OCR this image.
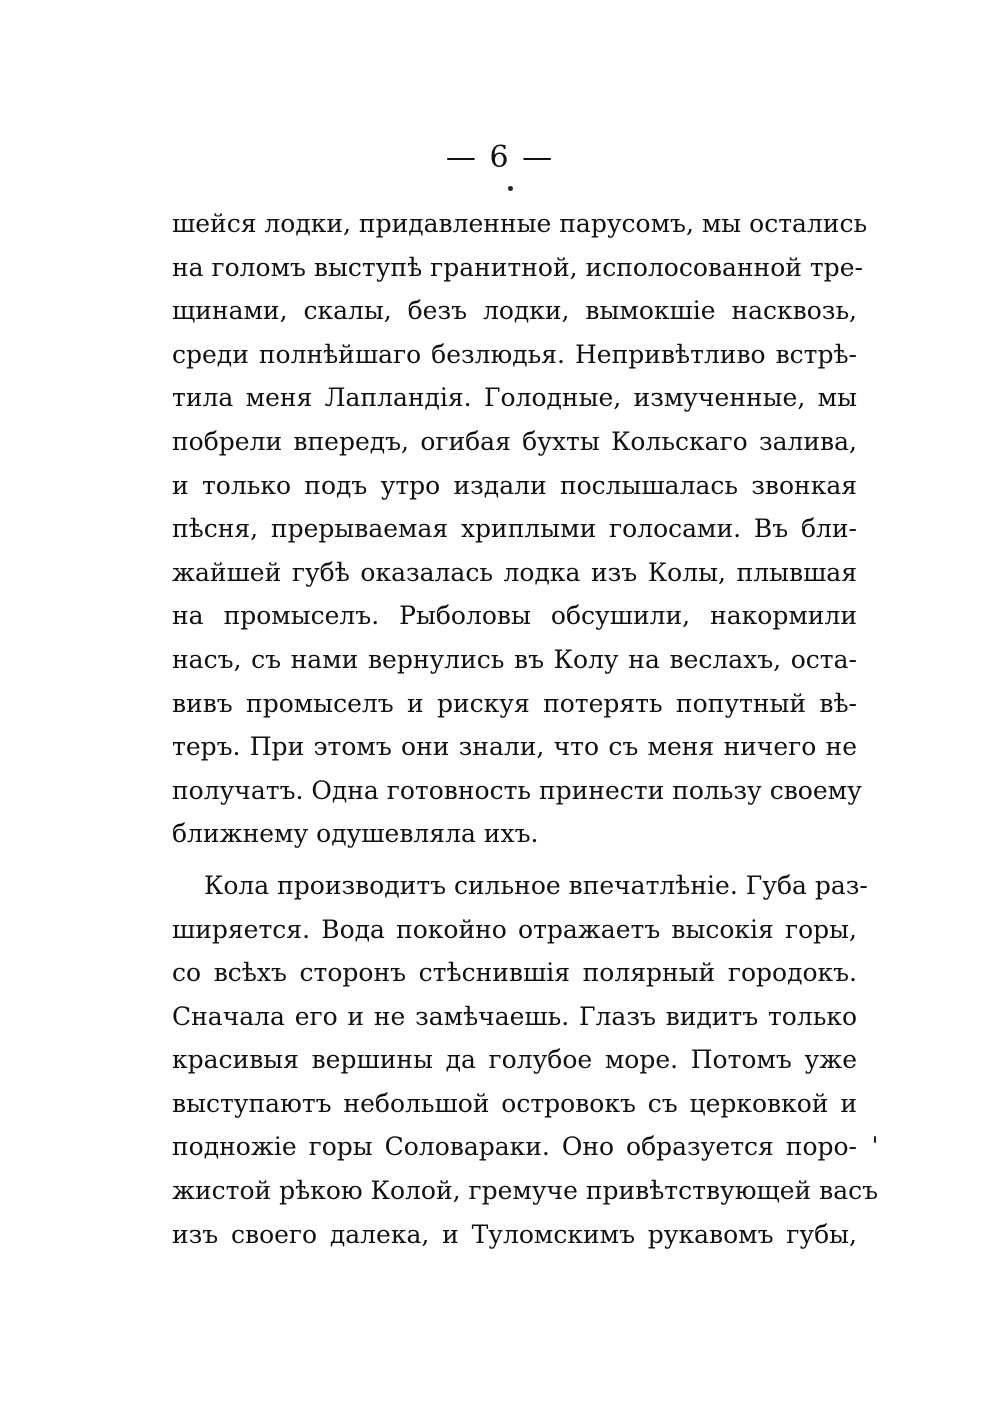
— 6 —
шейся лодки, придавленные парусомъ, мы остались
на голомъ выступѣ гранитной, исполосованной тре-
щинами, скалы, безъ лодки, вымокшіе насквозь,
среди полнѣйшаго безлюдья. Непривѣтливо встрѣ-
тила меня Лапландія. Голодные, измученные, мы
побрели впередъ, огибая бухты Кольскаго залива,
и только подъ утро издали послышалась звонкая
пѣсня, прерываемая хриплыми голосами. Въ бли-
жайшей губѣ оказалась лодка изъ Колы, плывшая
на промыселъ. Рыболовы обсушили, накормили
насъ, съ нами вернулись въ Колу на веслахъ, оста-
вивъ промыселъ и рискуя потерять попутный вѣ-
теръ. При этомъ они знали, что съ меня ничего не
получатъ. Одна готовность принести пользу своему
ближнему одушевляла ихъ.
Кола производитъ сильное впечатлѣніе. Губа раз-
ширяется. Вода покойно отражаетъ высокія горы,
со всѣхъ сторонъ стѣснившія полярный городокъ.
Сначала его и не замѣчаешь. Глазъ видитъ только
красивыя вершины да голубое море. Потомъ уже
выступаютъ небольшой островокъ съ церковкой и
подножіе горы Соловараки. Оно образуется поро-
жистой рѣкою Колой, гремуче привѣтствующей васъ
изъ своего далека, и Туломскимъ рукавомъ губы,
